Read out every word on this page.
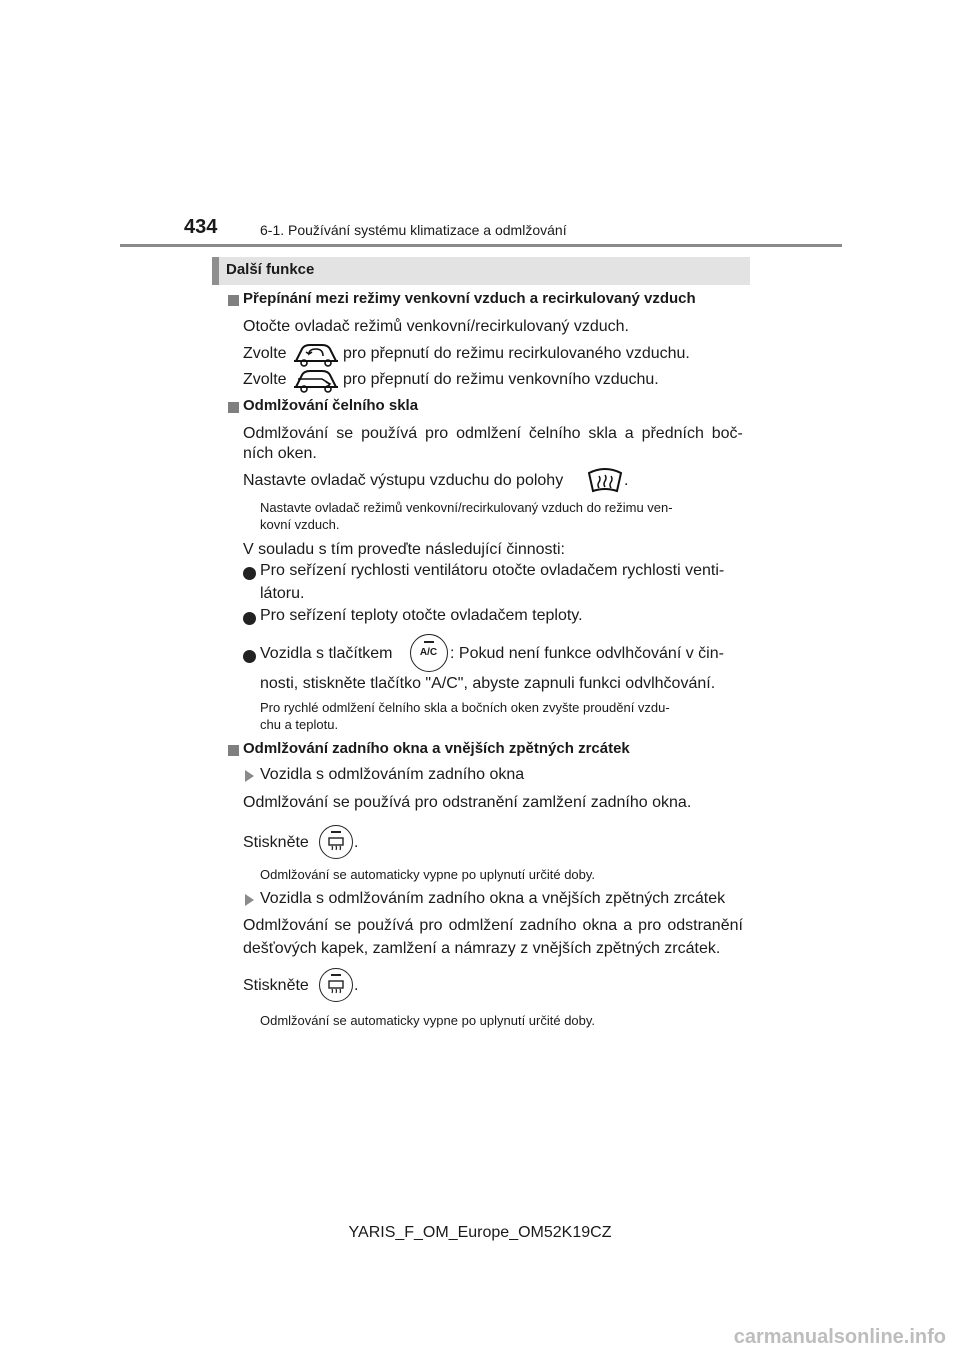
434	6-1. Používání systému klimatizace a odmlžování
Další funkce
Přepínání mezi režimy venkovní vzduch a recirkulovaný vzduch
Otočte ovladač režimů venkovní/recirkulovaný vzduch.
Zvolte	pro přepnutí do režimu recirkulovaného vzduchu.
Zvolte	pro přepnutí do režimu venkovního vzduchu.
Odmlžování čelního skla
Odmlžování se používá pro odmlžení čelního skla a předních boč-
ních oken.
Nastavte ovladač výstupu vzduchu do polohy	.
Nastavte ovladač režimů venkovní/recirkulovaný vzduch do režimu ven-
kovní vzduch.
V souladu s tím proveďte následující činnosti:
Pro seřízení rychlosti ventilátoru otočte ovladačem rychlosti venti-
látoru.
Pro seřízení teploty otočte ovladačem teploty.
Vozidla s tlačítkem	A/C : Pokud není funkce odvlhčování v čin-
nosti, stiskněte tlačítko "A/C", abyste zapnuli funkci odvlhčování.
Pro rychlé odmlžení čelního skla a bočních oken zvyšte proudění vzdu-
chu a teplotu.
Odmlžování zadního okna a vnějších zpětných zrcátek
Vozidla s odmlžováním zadního okna
Odmlžování se používá pro odstranění zamlžení zadního okna.
Stiskněte	.
Odmlžování se automaticky vypne po uplynutí určité doby.
Vozidla s odmlžováním zadního okna a vnějších zpětných zrcátek
Odmlžování se používá pro odmlžení zadního okna a pro odstranění
dešťových kapek, zamlžení a námrazy z vnějších zpětných zrcátek.
Stiskněte	.
Odmlžování se automaticky vypne po uplynutí určité doby.
YARIS_F_OM_Europe_OM52K19CZ
carmanualsonline.info
